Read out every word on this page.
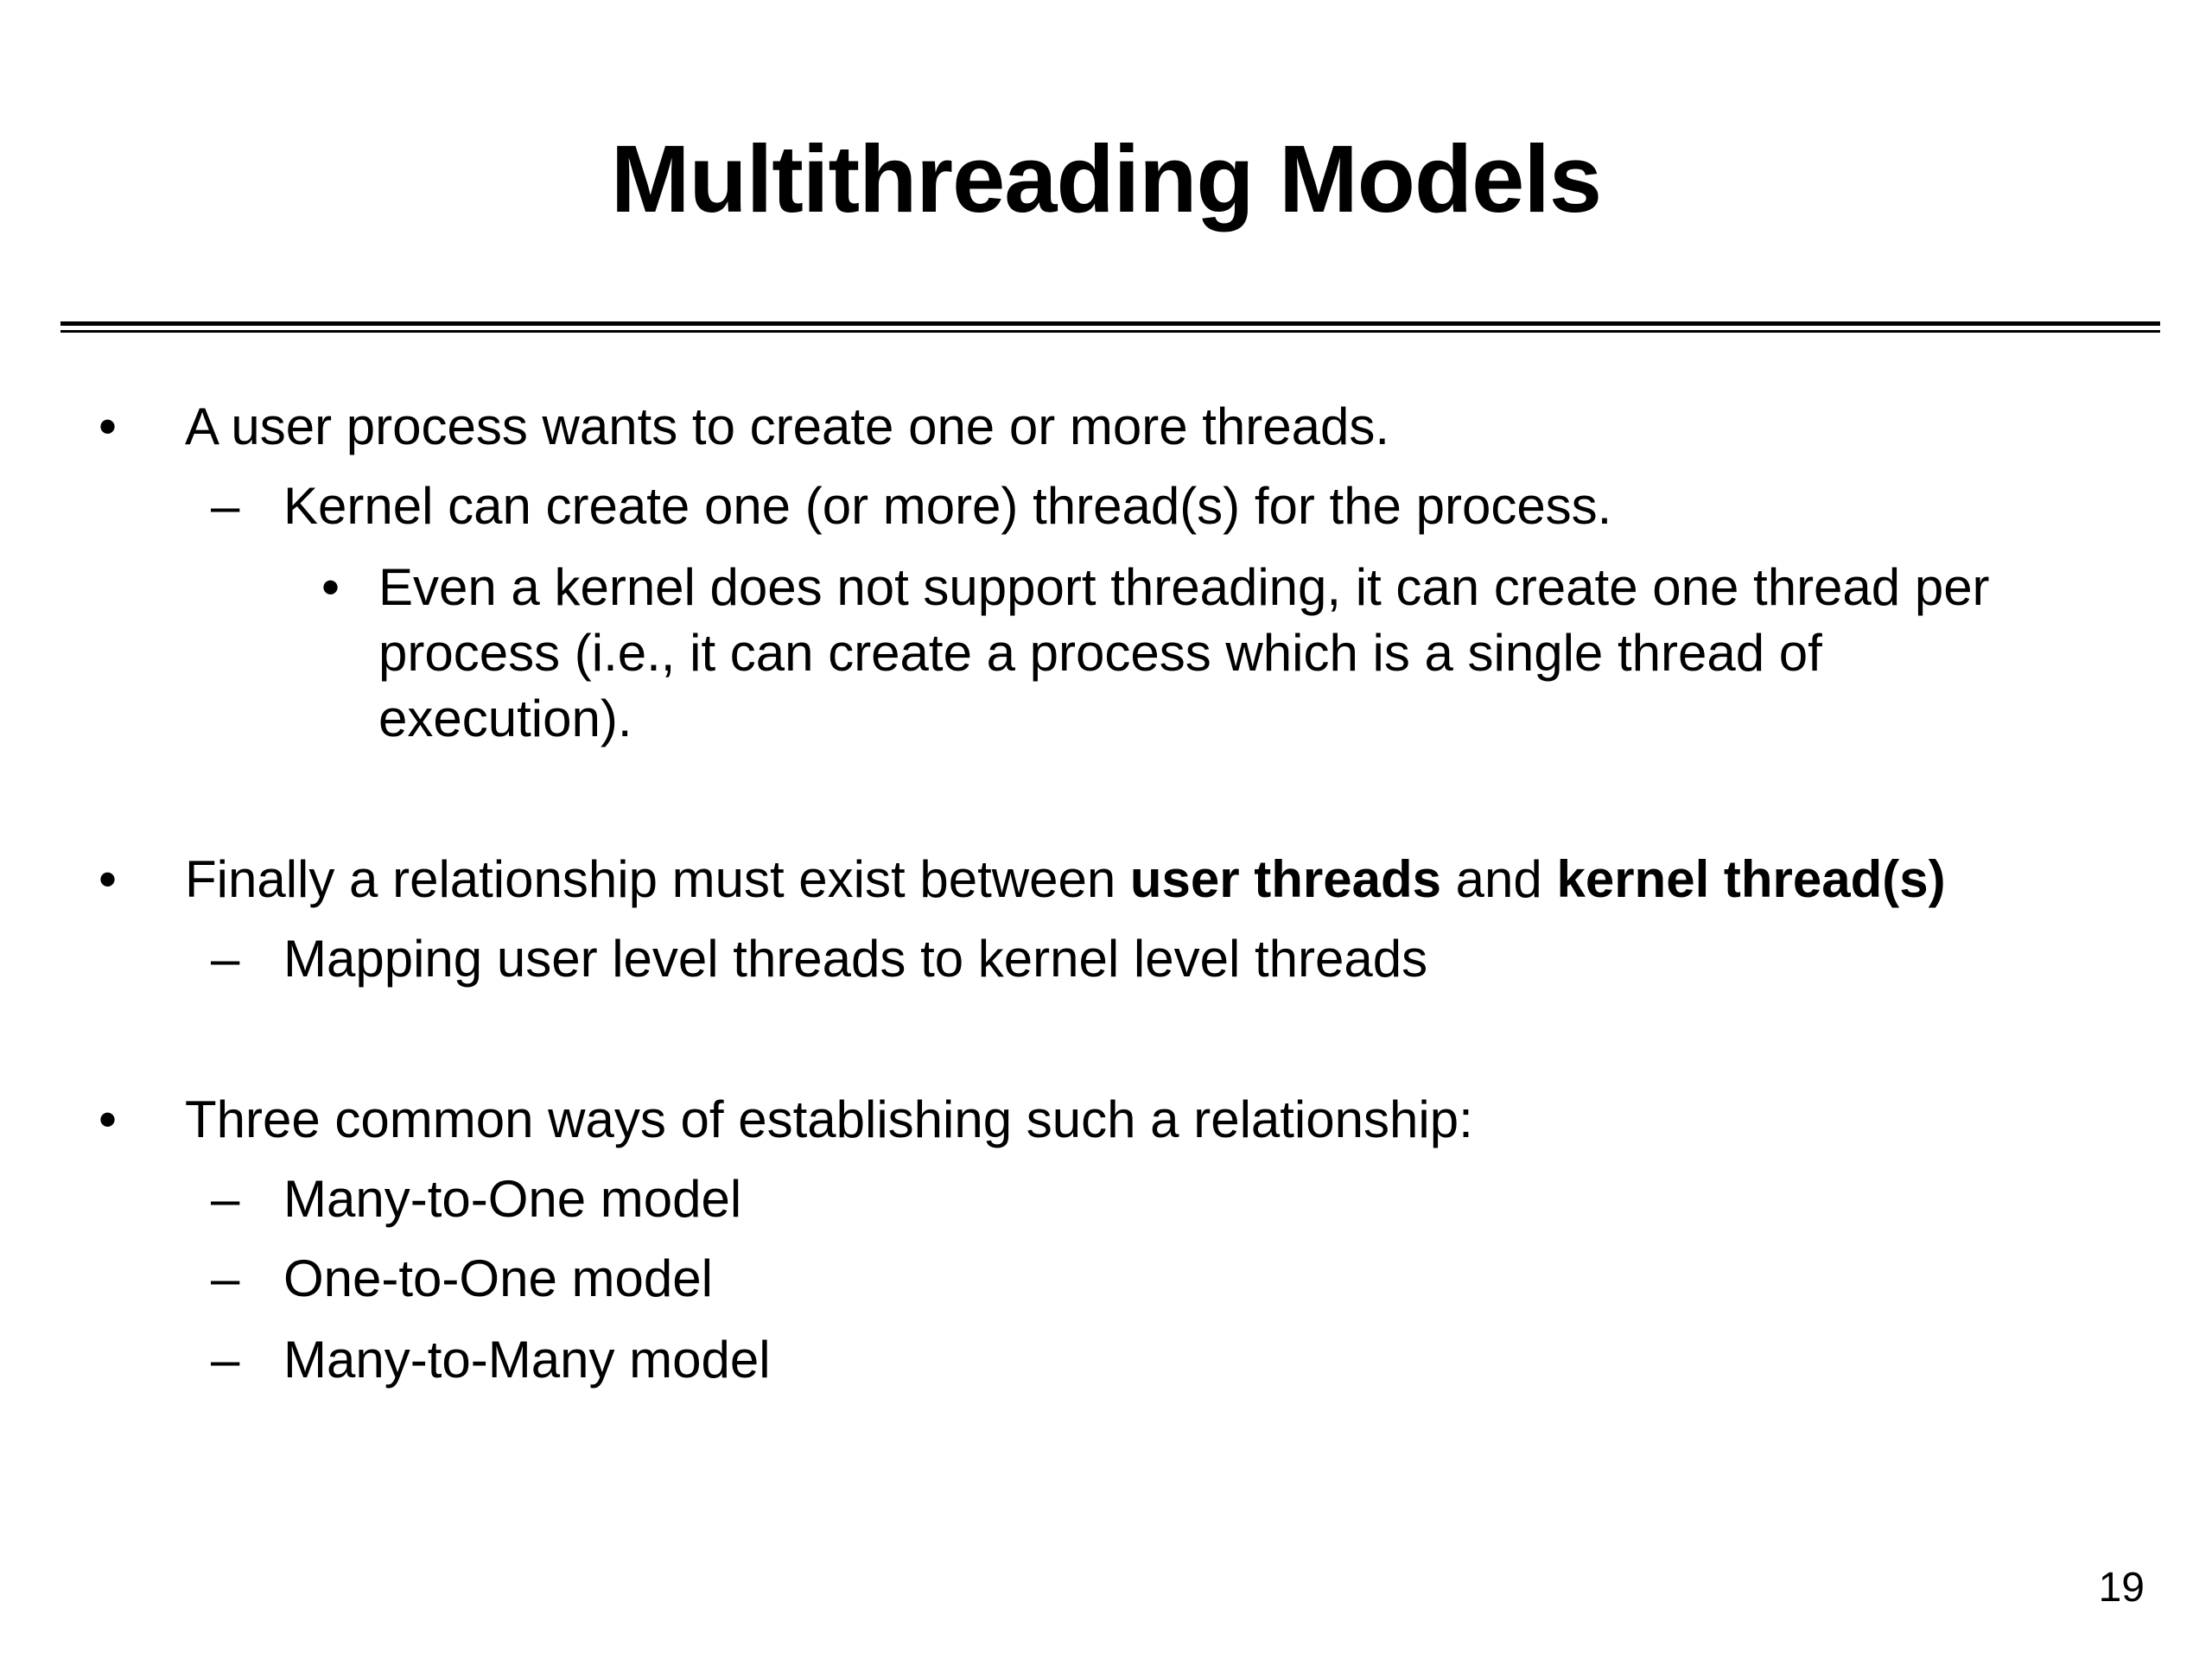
Multithreading Models
• A user process wants to create one or more threads.
– Kernel can create one (or more) thread(s) for the process.
• Even a kernel does not support threading, it can create one thread per
process (i.e., it can create a process which is a single thread of
execution).
• Finally a relationship must exist between user threads and kernel thread(s)
– Mapping user level threads to kernel level threads
• Three common ways of establishing such a relationship:
– Many-to-One model
– One-to-One model
– Many-to-Many model
19
